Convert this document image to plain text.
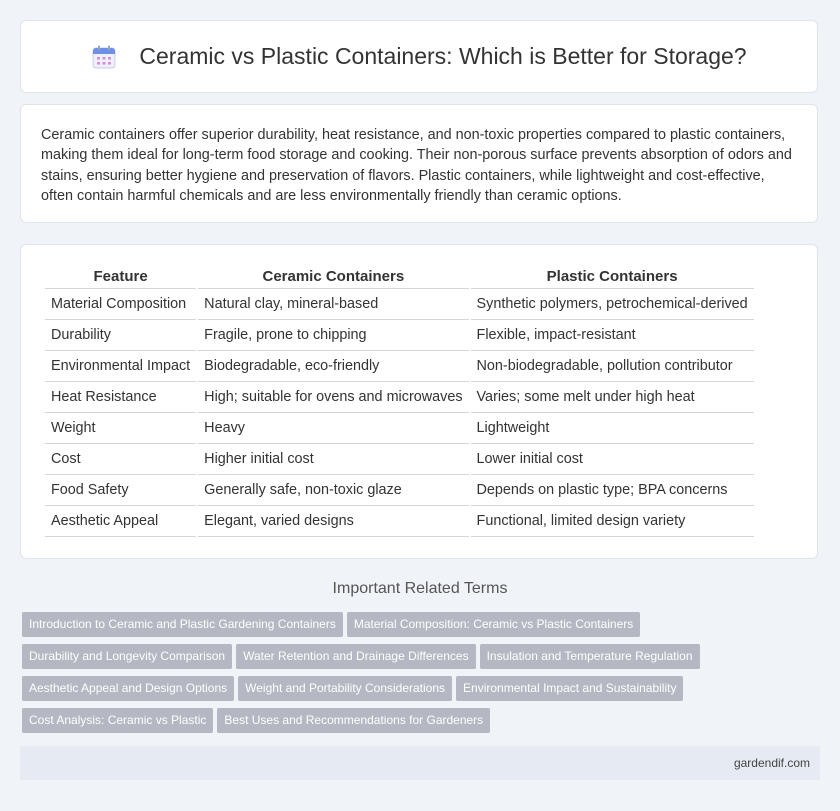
Ceramic vs Plastic Containers: Which is Better for Storage?

Ceramic containers offer superior durability, heat resistance, and non-toxic properties compared to plastic containers, making them ideal for long-term food storage and cooking. Their non-porous surface prevents absorption of odors and stains, ensuring better hygiene and preservation of flavors. Plastic containers, while lightweight and cost-effective, often contain harmful chemicals and are less environmentally friendly than ceramic options.

Feature	Ceramic Containers	Plastic Containers
Material Composition	Natural clay, mineral-based	Synthetic polymers, petrochemical-derived
Durability	Fragile, prone to chipping	Flexible, impact-resistant
Environmental Impact	Biodegradable, eco-friendly	Non-biodegradable, pollution contributor
Heat Resistance	High; suitable for ovens and microwaves	Varies; some melt under high heat
Weight	Heavy	Lightweight
Cost	Higher initial cost	Lower initial cost
Food Safety	Generally safe, non-toxic glaze	Depends on plastic type; BPA concerns
Aesthetic Appeal	Elegant, varied designs	Functional, limited design variety
Important Related Terms
Introduction to Ceramic and Plastic Gardening Containers Material Composition: Ceramic vs Plastic Containers
Durability and Longevity Comparison Water Retention and Drainage Differences Insulation and Temperature Regulation
Aesthetic Appeal and Design Options Weight and Portability Considerations Environmental Impact and Sustainability
Cost Analysis: Ceramic vs Plastic Best Uses and Recommendations for Gardeners
gardendif.com
